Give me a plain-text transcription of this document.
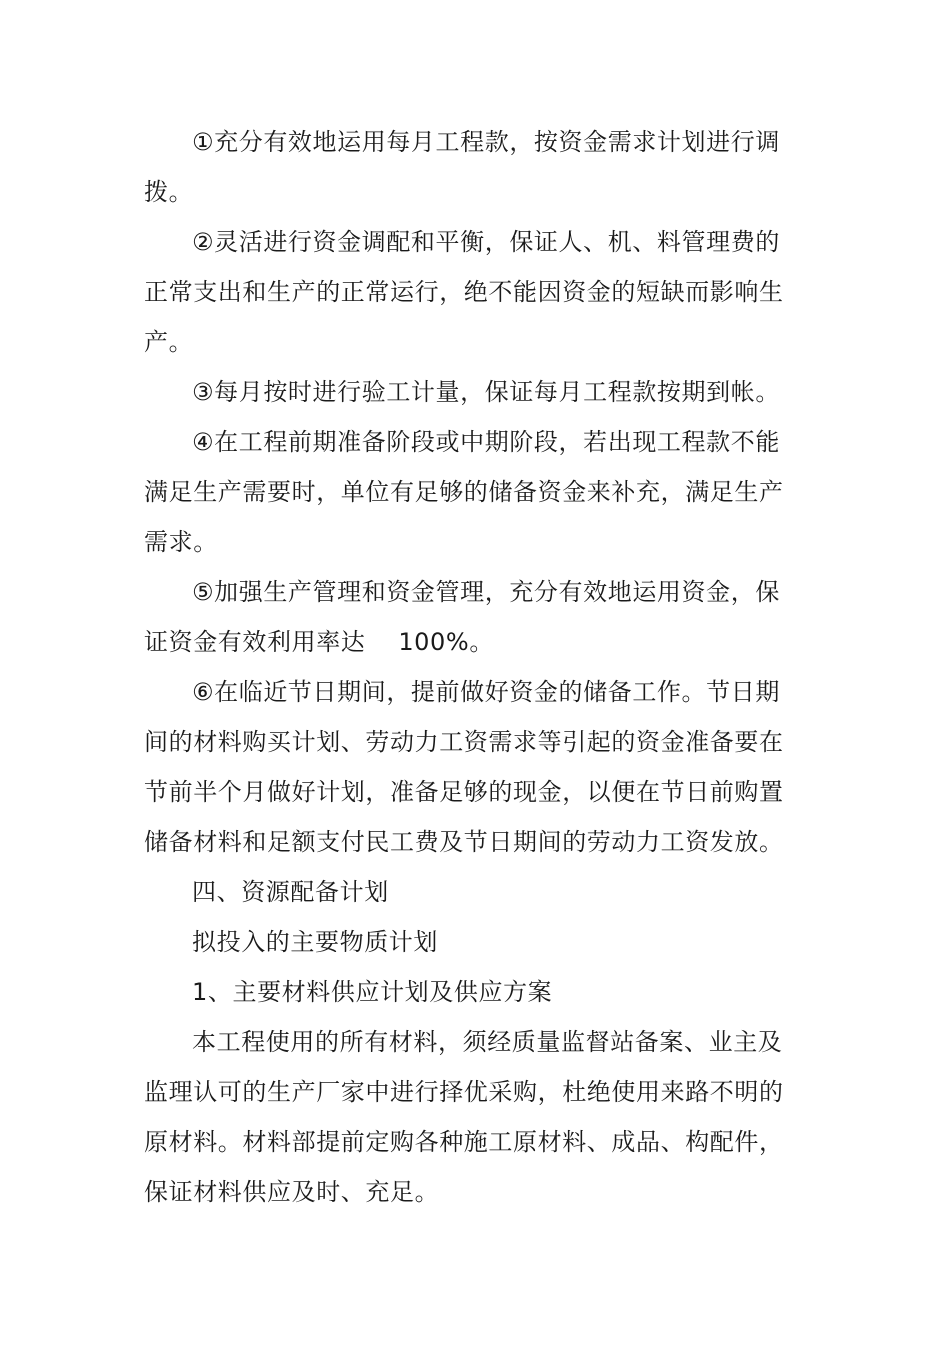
①充分有效地运用每月工程款，按资金需求计划进行调
拨。
②灵活进行资金调配和平衡，保证人、机、料管理费的
正常支出和生产的正常运行，绝不能因资金的短缺而影响生
产。
③每月按时进行验工计量，保证每月工程款按期到帐。
④在工程前期准备阶段或中期阶段，若出现工程款不能
满足生产需要时，单位有足够的储备资金来补充，满足生产
需求。
⑤加强生产管理和资金管理，充分有效地运用资金，保
证资金有效利用率达    100%。
⑥在临近节日期间，提前做好资金的储备工作。节日期
间的材料购买计划、劳动力工资需求等引起的资金准备要在
节前半个月做好计划，准备足够的现金，以便在节日前购置
储备材料和足额支付民工费及节日期间的劳动力工资发放。
四、资源配备计划
拟投入的主要物质计划
1、主要材料供应计划及供应方案
本工程使用的所有材料，须经质量监督站备案、业主及
监理认可的生产厂家中进行择优采购，杜绝使用来路不明的
原材料。材料部提前定购各种施工原材料、成品、构配件，
保证材料供应及时、充足。
